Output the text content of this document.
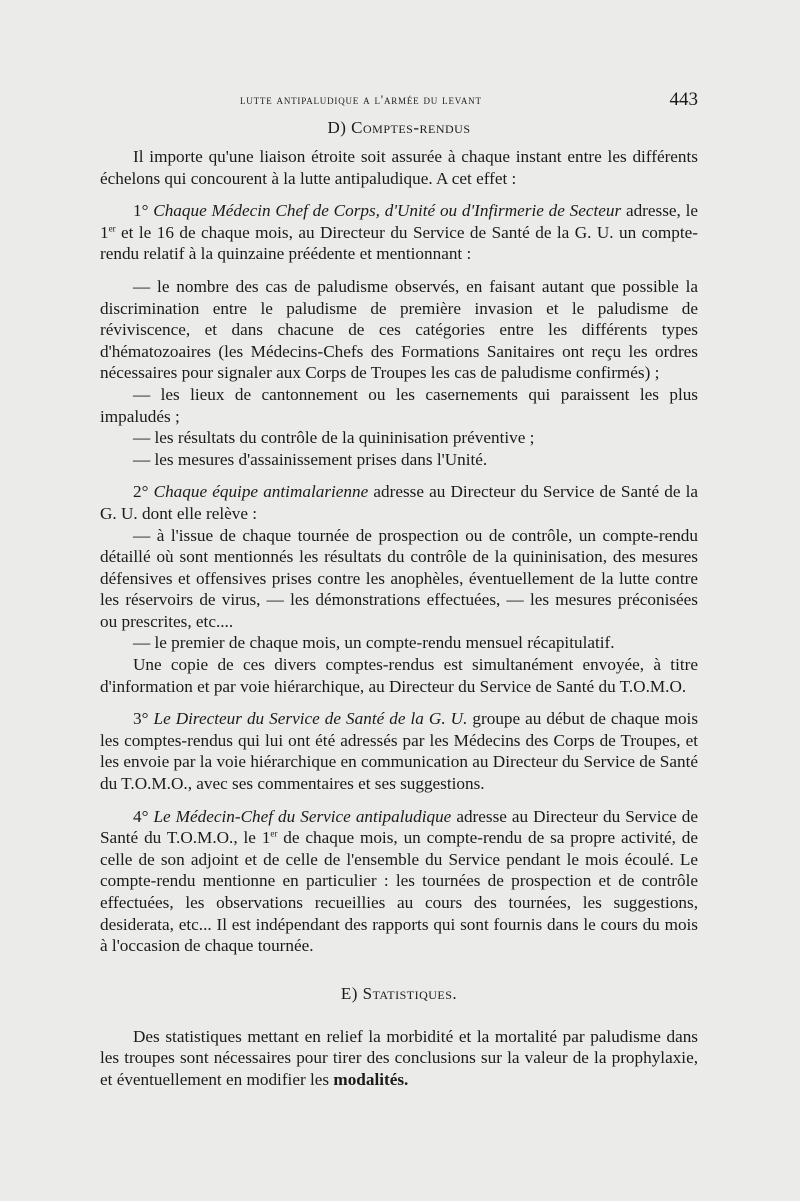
lutte antipaludique a l'armée du levant	443
D) Comptes-rendus

Il importe qu'une liaison étroite soit assurée à chaque instant entre les différents échelons qui concourent à la lutte antipaludique. A cet effet :

1° Chaque Médecin Chef de Corps, d'Unité ou d'Infirmerie de Secteur adresse, le 1er et le 16 de chaque mois, au Directeur du Service de Santé de la G. U. un compte-rendu relatif à la quinzaine préédente et mentionnant :

— le nombre des cas de paludisme observés, en faisant autant que possible la discrimination entre le paludisme de première invasion et le paludisme de réviviscence, et dans chacune de ces catégories entre les différents types d'hématozoaires (les Médecins-Chefs des Formations Sanitaires ont reçu les ordres nécessaires pour signaler aux Corps de Troupes les cas de paludisme confirmés) ;

— les lieux de cantonnement ou les casernements qui paraissent les plus impaludés ;

— les résultats du contrôle de la quininisation préventive ;

— les mesures d'assainissement prises dans l'Unité.

2° Chaque équipe antimalarienne adresse au Directeur du Service de Santé de la G. U. dont elle relève :

— à l'issue de chaque tournée de prospection ou de contrôle, un compte-rendu détaillé où sont mentionnés les résultats du contrôle de la quininisation, des mesures défensives et offensives prises contre les anophèles, éventuellement de la lutte contre les réservoirs de virus, — les démonstrations effectuées, — les mesures préconisées ou prescrites, etc....

— le premier de chaque mois, un compte-rendu mensuel récapitulatif.

Une copie de ces divers comptes-rendus est simultanément envoyée, à titre d'information et par voie hiérarchique, au Directeur du Service de Santé du T.O.M.O.

3° Le Directeur du Service de Santé de la G. U. groupe au début de chaque mois les comptes-rendus qui lui ont été adressés par les Médecins des Corps de Troupes, et les envoie par la voie hiérarchique en communication au Directeur du Service de Santé du T.O.M.O., avec ses commentaires et ses suggestions.

4° Le Médecin-Chef du Service antipaludique adresse au Directeur du Service de Santé du T.O.M.O., le 1er de chaque mois, un compte-rendu de sa propre activité, de celle de son adjoint et de celle de l'ensemble du Service pendant le mois écoulé. Le compte-rendu mentionne en particulier : les tournées de prospection et de contrôle effectuées, les observations recueillies au cours des tournées, les suggestions, desiderata, etc... Il est indépendant des rapports qui sont fournis dans le cours du mois à l'occasion de chaque tournée.

E) Statistiques.

Des statistiques mettant en relief la morbidité et la mortalité par paludisme dans les troupes sont nécessaires pour tirer des conclusions sur la valeur de la prophylaxie, et éventuellement en modifier les modalités.
